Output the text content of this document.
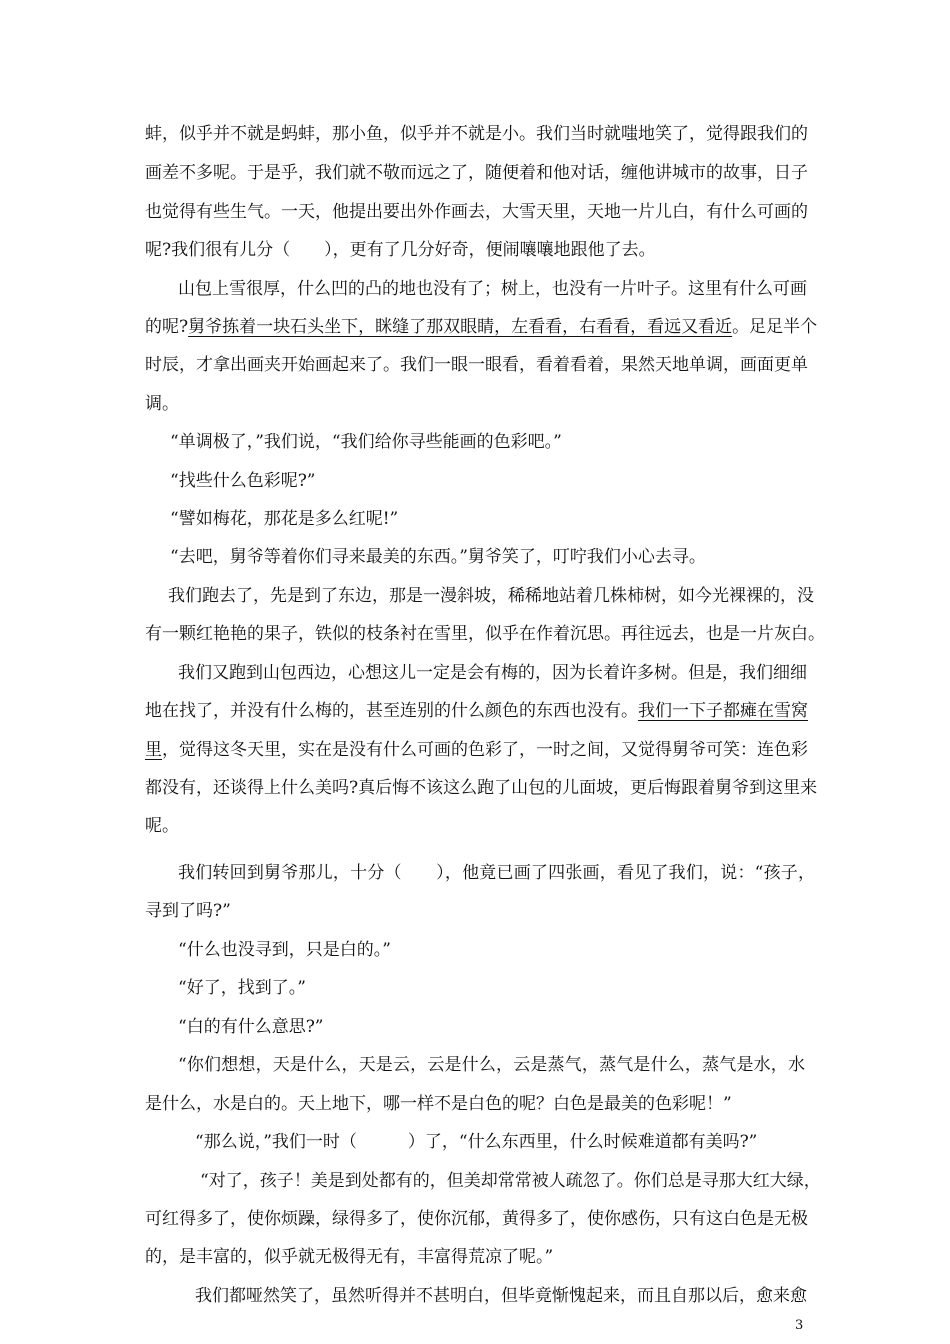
蚌，似乎并不就是蚂蚌，那小鱼，似乎并不就是小。我们当时就嗤地笑了，觉得跟我们的
画差不多呢。于是乎，我们就不敬而远之了，随便着和他对话，缠他讲城市的故事，日子
也觉得有些生气。一天，他提出要出外作画去，大雪天里，天地一片儿白，有什么可画的
呢?我们很有儿分（　　），更有了几分好奇，便闹嚷嚷地跟他了去。
山包上雪很厚，什么凹的凸的地也没有了；树上，也没有一片叶子。这里有什么可画
的呢?舅爷拣着一块石头坐下，眯缝了那双眼睛，左看看，右看看，看远又看近。足足半个
时辰，才拿出画夹开始画起来了。我们一眼一眼看，看着看着，果然天地单调，画面更单
调。
“单调极了，”我们说，“我们给你寻些能画的色彩吧。”
“找些什么色彩呢?”
“譬如梅花，那花是多么红呢!”
“去吧，舅爷等着你们寻来最美的东西。”舅爷笑了，叮咛我们小心去寻。
我们跑去了，先是到了东边，那是一漫斜坡，稀稀地站着几株柿树，如今光裸裸的，没
有一颗红艳艳的果子，铁似的枝条衬在雪里，似乎在作着沉思。再往远去，也是一片灰白。
我们又跑到山包西边，心想这儿一定是会有梅的，因为长着许多树。但是，我们细细
地在找了，并没有什么梅的，甚至连别的什么颜色的东西也没有。我们一下子都瘫在雪窝
里，觉得这冬天里，实在是没有什么可画的色彩了，一时之间，又觉得舅爷可笑：连色彩
都没有，还谈得上什么美吗?真后悔不该这么跑了山包的儿面坡，更后悔跟着舅爷到这里来
呢。
我们转回到舅爷那儿，十分（　　），他竟已画了四张画，看见了我们，说：“孩子，
寻到了吗?”
“什么也没寻到，只是白的。”
“好了，找到了。”
“白的有什么意思?”
“你们想想，天是什么，天是云，云是什么，云是蒸气，蒸气是什么，蒸气是水，水
是什么，水是白的。天上地下，哪一样不是白色的呢？白色是最美的色彩呢！”
“那么说，”我们一时（　　　）了，“什么东西里，什么时候难道都有美吗?”
“对了，孩子！美是到处都有的，但美却常常被人疏忽了。你们总是寻那大红大绿，
可红得多了，使你烦躁，绿得多了，使你沉郁，黄得多了，使你感伤，只有这白色是无极
的，是丰富的，似乎就无极得无有，丰富得荒凉了呢。”
我们都哑然笑了，虽然听得并不甚明白，但毕竟惭愧起来，而且自那以后，愈来愈
3
